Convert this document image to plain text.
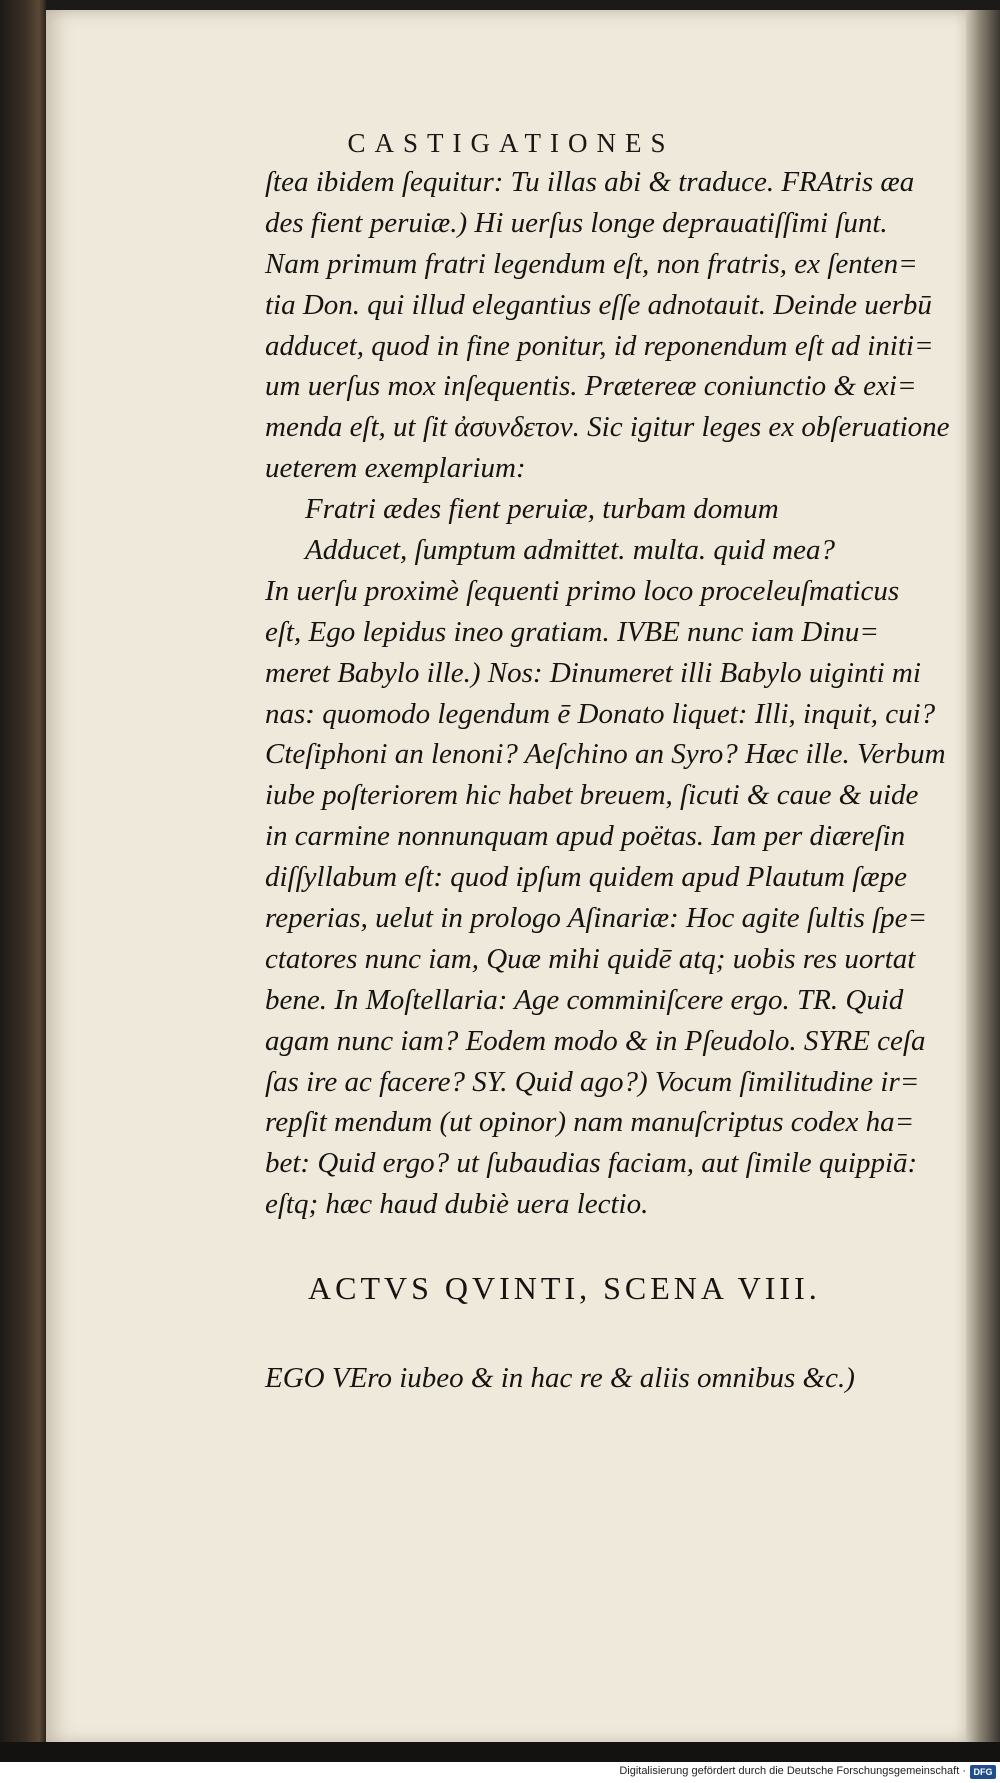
CASTIGATIONES
ſtea ibidem ſequitur: Tu illas abi & traduce. FRAtris æa
des fient peruiæ.) Hi uerſus longe deprauatiſſimi ſunt.
Nam primum fratri legendum eſt, non fratris, ex ſenten=
tia Don. qui illud elegantius eſſe adnotauit. Deinde uerbū
adducet, quod in fine ponitur, id reponendum eſt ad initi=
um uerſus mox inſequentis. Prætereæ coniunctio & exi=
menda eſt, ut ſit ἀσυνδετον. Sic igitur leges ex obſeruatione
ueterem exemplarium:
Fratri ædes fient peruiæ, turbam domum
Adducet, ſumptum admittet. multa. quid mea?
In uerſu proximè ſequenti primo loco proceleuſmaticus
eſt, Ego lepidus ineo gratiam. IVBE nunc iam Dinu=
meret Babylo ille.) Nos: Dinumeret illi Babylo uiginti mi
nas: quomodo legendum ē Donato liquet: Illi, inquit, cui?
Cteſiphoni an lenoni? Aeſchino an Syro? Hæc ille. Verbum
iube poſteriorem hic habet breuem, ſicuti & caue & uide
in carmine nonnunquam apud poëtas. Iam per diæreſin
diſſyllabum eſt: quod ipſum quidem apud Plautum ſæpe
reperias, uelut in prologo Aſinariæ: Hoc agite ſultis ſpe=
ctatores nunc iam, Quæ mihi quidē atq; uobis res uortat
bene. In Moſtellaria: Age comminiſcere ergo. TR. Quid
agam nunc iam? Eodem modo & in Pſeudolo. SYRE ceſa
ſas ire ac facere? SY. Quid ago?) Vocum ſimilitudine ir=
repſit mendum (ut opinor) nam manuſcriptus codex ha=
bet: Quid ergo? ut ſubaudias faciam, aut ſimile quippiā:
eſtq; hæc haud dubiè uera lectio.
ACTVS QVINTI, SCENA VIII.
EGO VEro iubeo & in hac re & aliis omnibus &c.)
Digitalisierung gefördert durch die Deutsche Forschungsgemeinschaft · DFG
